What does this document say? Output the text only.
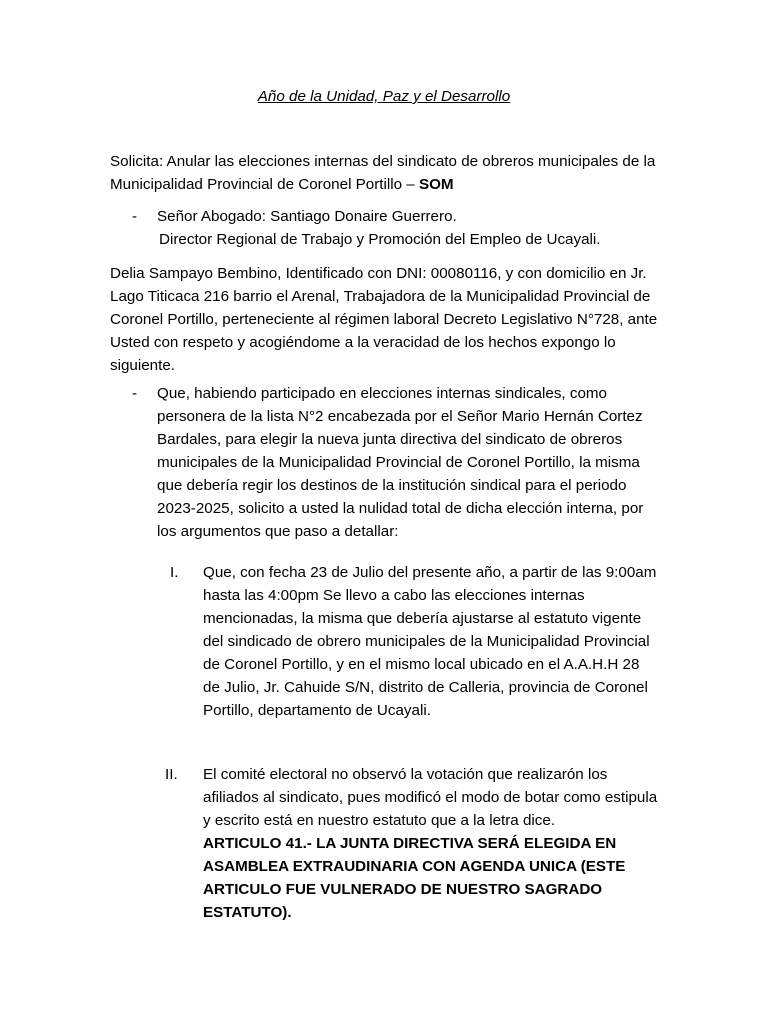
Año de la Unidad, Paz y el Desarrollo
Solicita: Anular las elecciones internas del sindicato de obreros municipales de la Municipalidad Provincial de Coronel Portillo – SOM
-	Señor Abogado: Santiago Donaire Guerrero.
Director Regional de Trabajo y Promoción del Empleo de Ucayali.
Delia Sampayo Bembino, Identificado con DNI: 00080116, y con domicilio en Jr. Lago Titicaca 216 barrio el Arenal, Trabajadora de la Municipalidad Provincial de Coronel Portillo, perteneciente al régimen laboral Decreto Legislativo N°728, ante Usted con respeto y acogiéndome a la veracidad de los hechos expongo lo siguiente.
-	Que, habiendo participado en elecciones internas sindicales, como personera de la lista N°2 encabezada por el Señor Mario Hernán Cortez Bardales, para elegir la nueva junta directiva del sindicato de obreros municipales de la Municipalidad Provincial de Coronel Portillo, la misma que debería regir los destinos de la institución sindical para el periodo 2023-2025, solicito a usted la nulidad total de dicha elección interna, por los argumentos que paso a detallar:
I.	Que, con fecha 23 de Julio del presente año, a partir de las 9:00am hasta las 4:00pm Se llevo a cabo las elecciones internas mencionadas, la misma que debería ajustarse al estatuto vigente del sindicado de obrero municipales de la Municipalidad Provincial de Coronel Portillo, y en el mismo local ubicado en el A.A.H.H 28 de Julio, Jr. Cahuide S/N, distrito de Calleria, provincia de Coronel Portillo, departamento de Ucayali.
II.	El comité electoral no observó la votación que realizarón los afiliados al sindicato, pues modificó el modo de botar como estipula y escrito está en nuestro estatuto que a la letra dice.
ARTICULO 41.- LA JUNTA DIRECTIVA SERÁ ELEGIDA EN ASAMBLEA EXTRAUDINARIA CON AGENDA UNICA (ESTE ARTICULO FUE VULNERADO DE NUESTRO SAGRADO ESTATUTO).
